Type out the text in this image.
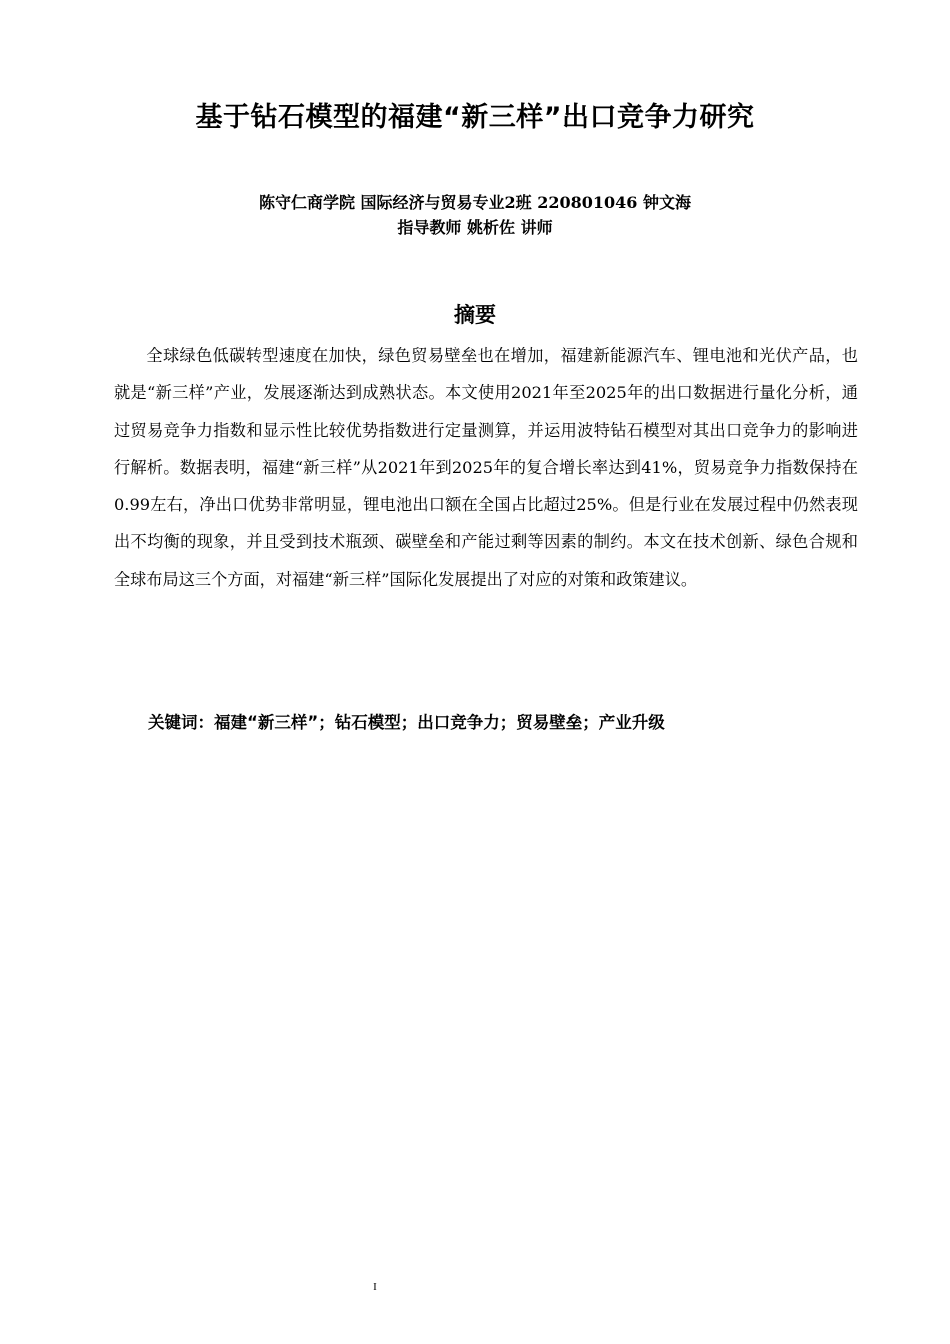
基于钻石模型的福建“新三样”出口竞争力研究
陈守仁商学院 国际经济与贸易专业2班 220801046 钟文海
指导教师 姚析佐 讲师
摘要

全球绿色低碳转型速度在加快，绿色贸易壁垒也在增加，福建新能源汽车、锂电池和光伏产品，也就是“新三样”产业，发展逐渐达到成熟状态。本文使用2021年至2025年的出口数据进行量化分析，通过贸易竞争力指数和显示性比较优势指数进行定量测算，并运用波特钻石模型对其出口竞争力的影响进行解析。数据表明，福建“新三样”从2021年到2025年的复合增长率达到41%，贸易竞争力指数保持在0.99左右，净出口优势非常明显，锂电池出口额在全国占比超过25%。但是行业在发展过程中仍然表现出不均衡的现象，并且受到技术瓶颈、碳壁垒和产能过剩等因素的制约。本文在技术创新、绿色合规和全球布局这三个方面，对福建“新三样”国际化发展提出了对应的对策和政策建议。

关键词：福建“新三样”；钻石模型；出口竞争力；贸易壁垒；产业升级
I
